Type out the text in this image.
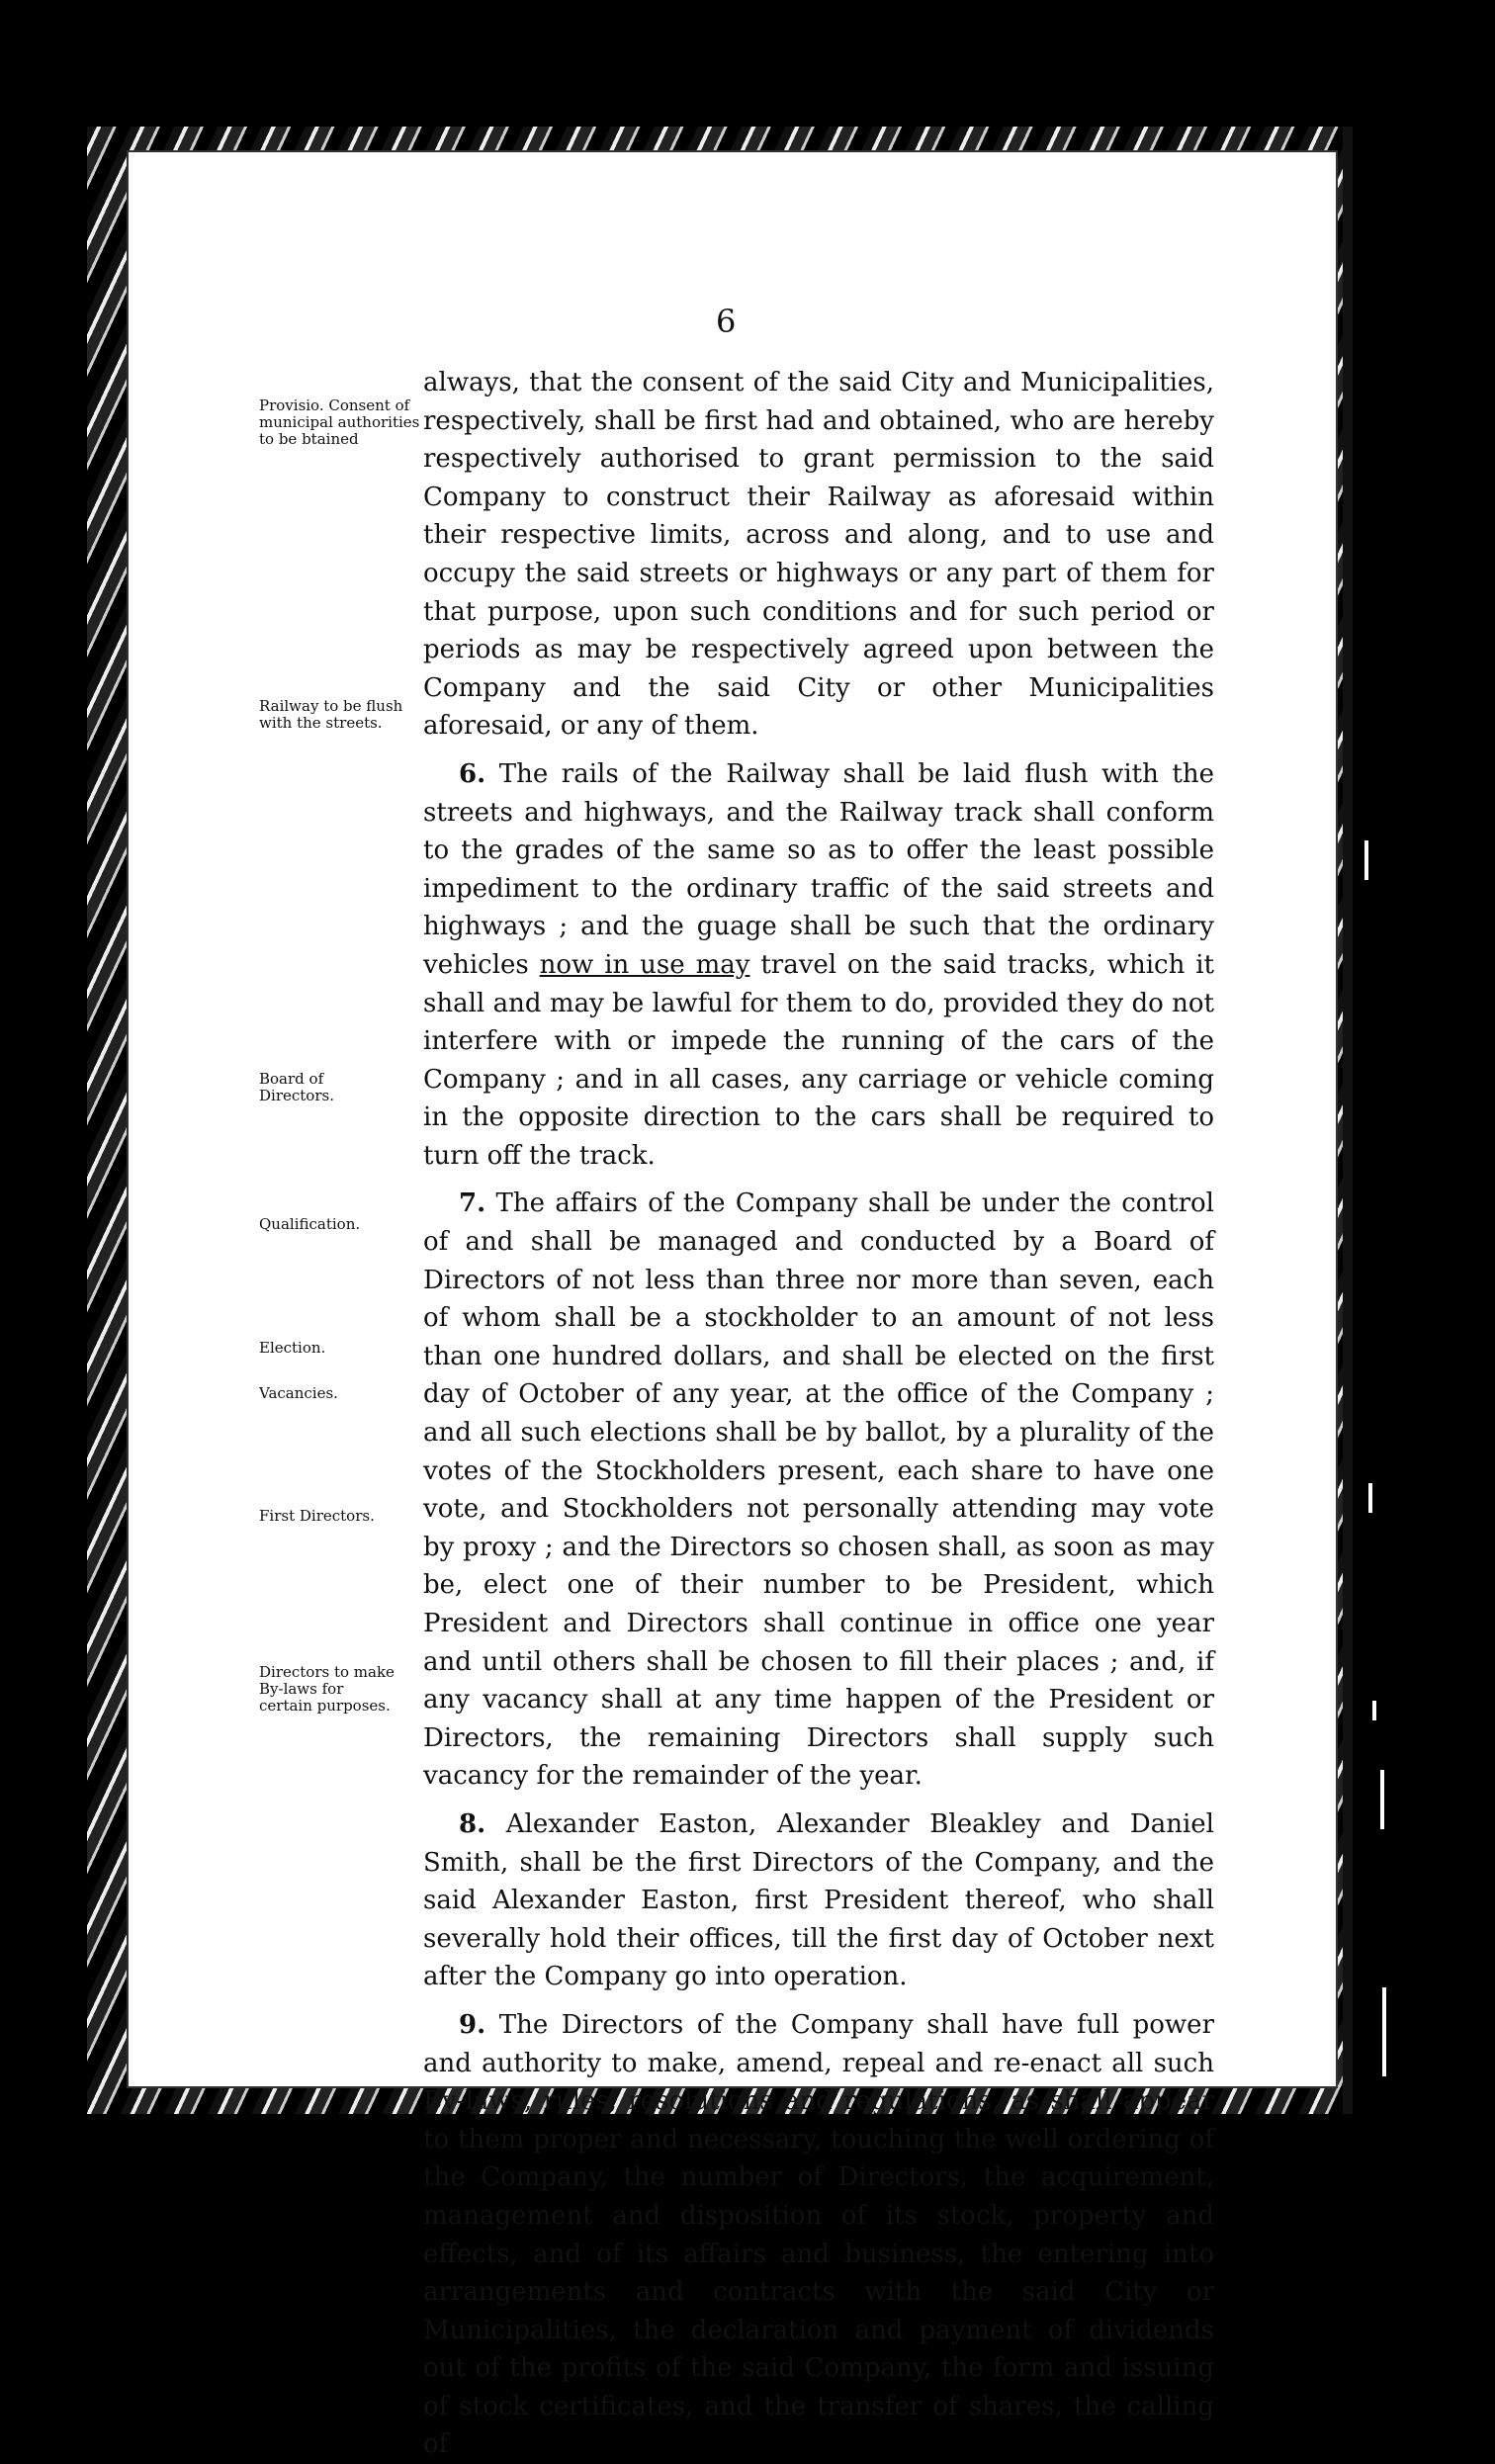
6
Provisio. Consent of municipal authorities to be btained
Railway to be flush with the streets.
Board of Directors.
Qualification.
Election.
Vacancies.
First Directors.
Directors to make By-laws for certain purposes.

always, that the consent of the said City and Municipalities, respectively, shall be first had and obtained, who are hereby respectively authorised to grant permission to the said Company to construct their Railway as aforesaid within their respective limits, across and along, and to use and occupy the said streets or highways or any part of them for that purpose, upon such conditions and for such period or periods as may be respectively agreed upon between the Company and the said City or other Municipalities aforesaid, or any of them.

6. The rails of the Railway shall be laid flush with the streets and highways, and the Railway track shall conform to the grades of the same so as to offer the least possible impediment to the ordinary traffic of the said streets and highways ; and the guage shall be such that the ordinary vehicles now in use may travel on the said tracks, which it shall and may be lawful for them to do, provided they do not interfere with or impede the running of the cars of the Company ; and in all cases, any carriage or vehicle coming in the opposite direction to the cars shall be required to turn off the track.

7. The affairs of the Company shall be under the control of and shall be managed and conducted by a Board of Directors of not less than three nor more than seven, each of whom shall be a stockholder to an amount of not less than one hundred dollars, and shall be elected on the first day of October of any year, at the office of the Company ; and all such elections shall be by ballot, by a plurality of the votes of the Stockholders present, each share to have one vote, and Stockholders not personally attending may vote by proxy ; and the Directors so chosen shall, as soon as may be, elect one of their number to be President, which President and Directors shall continue in office one year and until others shall be chosen to fill their places ; and, if any vacancy shall at any time happen of the President or Directors, the remaining Directors shall supply such vacancy for the remainder of the year.

8. Alexander Easton, Alexander Bleakley and Daniel Smith, shall be the first Directors of the Company, and the said Alexander Easton, first President thereof, who shall severally hold their offices, till the first day of October next after the Company go into operation.

9. The Directors of the Company shall have full power and authority to make, amend, repeal and re-enact all such By-laws, rules, resolutions and regulations, as shall appear to them proper and necessary, touching the well ordering of the Company, the number of Directors, the acquirement, management and disposition of its stock, property and effects, and of its affairs and business, the entering into arrangements and contracts with the said City or Municipalities, the declaration and payment of dividends out of the profits of the said Company, the form and issuing of stock certificates, and the transfer of shares, the calling of
